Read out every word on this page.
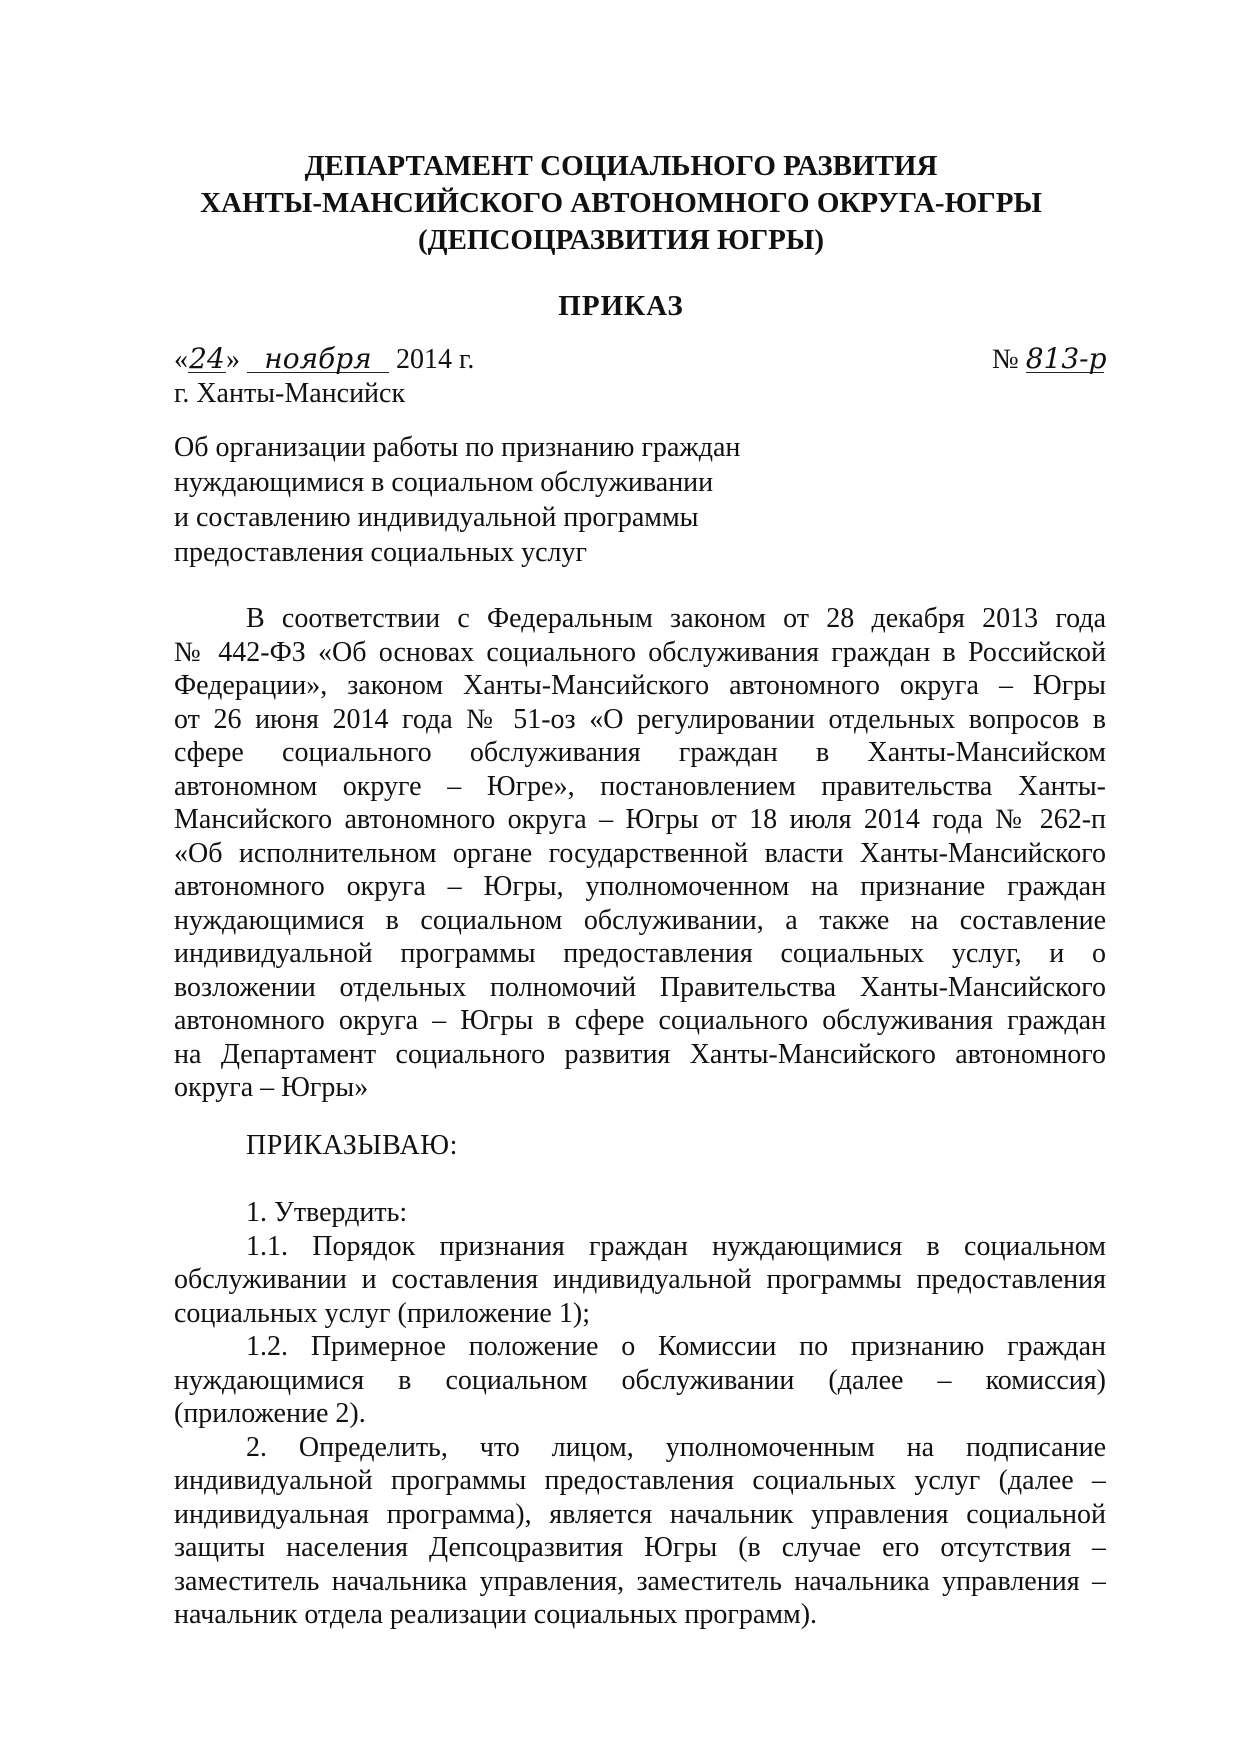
ДЕПАРТАМЕНТ СОЦИАЛЬНОГО РАЗВИТИЯ
ХАНТЫ-МАНСИЙСКОГО АВТОНОМНОГО ОКРУГА-ЮГРЫ
(ДЕПСОЦРАЗВИТИЯ ЮГРЫ)
ПРИКАЗ
«24» ноября 2014 г.	№ 813-р
г. Ханты-Мансийск
Об организации работы по признанию граждан
нуждающимися в социальном обслуживании
и составлению индивидуальной программы
предоставления социальных услуг
В соответствии с Федеральным законом от 28 декабря 2013 года
№ 442-ФЗ «Об основах социального обслуживания граждан в Российской
Федерации», законом Ханты-Мансийского автономного округа – Югры
от 26 июня 2014 года № 51-оз «О регулировании отдельных вопросов в
сфере социального обслуживания граждан в Ханты-Мансийском
автономном округе – Югре», постановлением правительства Ханты-
Мансийского автономного округа – Югры от 18 июля 2014 года № 262-п
«Об исполнительном органе государственной власти Ханты-Мансийского
автономного округа – Югры, уполномоченном на признание граждан
нуждающимися в социальном обслуживании, а также на составление
индивидуальной программы предоставления социальных услуг, и о
возложении отдельных полномочий Правительства Ханты-Мансийского
автономного округа – Югры в сфере социального обслуживания граждан
на Департамент социального развития Ханты-Мансийского автономного
округа – Югры»
ПРИКАЗЫВАЮ:
1. Утвердить:
1.1. Порядок признания граждан нуждающимися в социальном
обслуживании и составления индивидуальной программы предоставления
социальных услуг (приложение 1);
1.2. Примерное положение о Комиссии по признанию граждан
нуждающимися в социальном обслуживании (далее – комиссия)
(приложение 2).
2. Определить, что лицом, уполномоченным на подписание
индивидуальной программы предоставления социальных услуг (далее –
индивидуальная программа), является начальник управления социальной
защиты населения Депсоцразвития Югры (в случае его отсутствия –
заместитель начальника управления, заместитель начальника управления –
начальник отдела реализации социальных программ).
